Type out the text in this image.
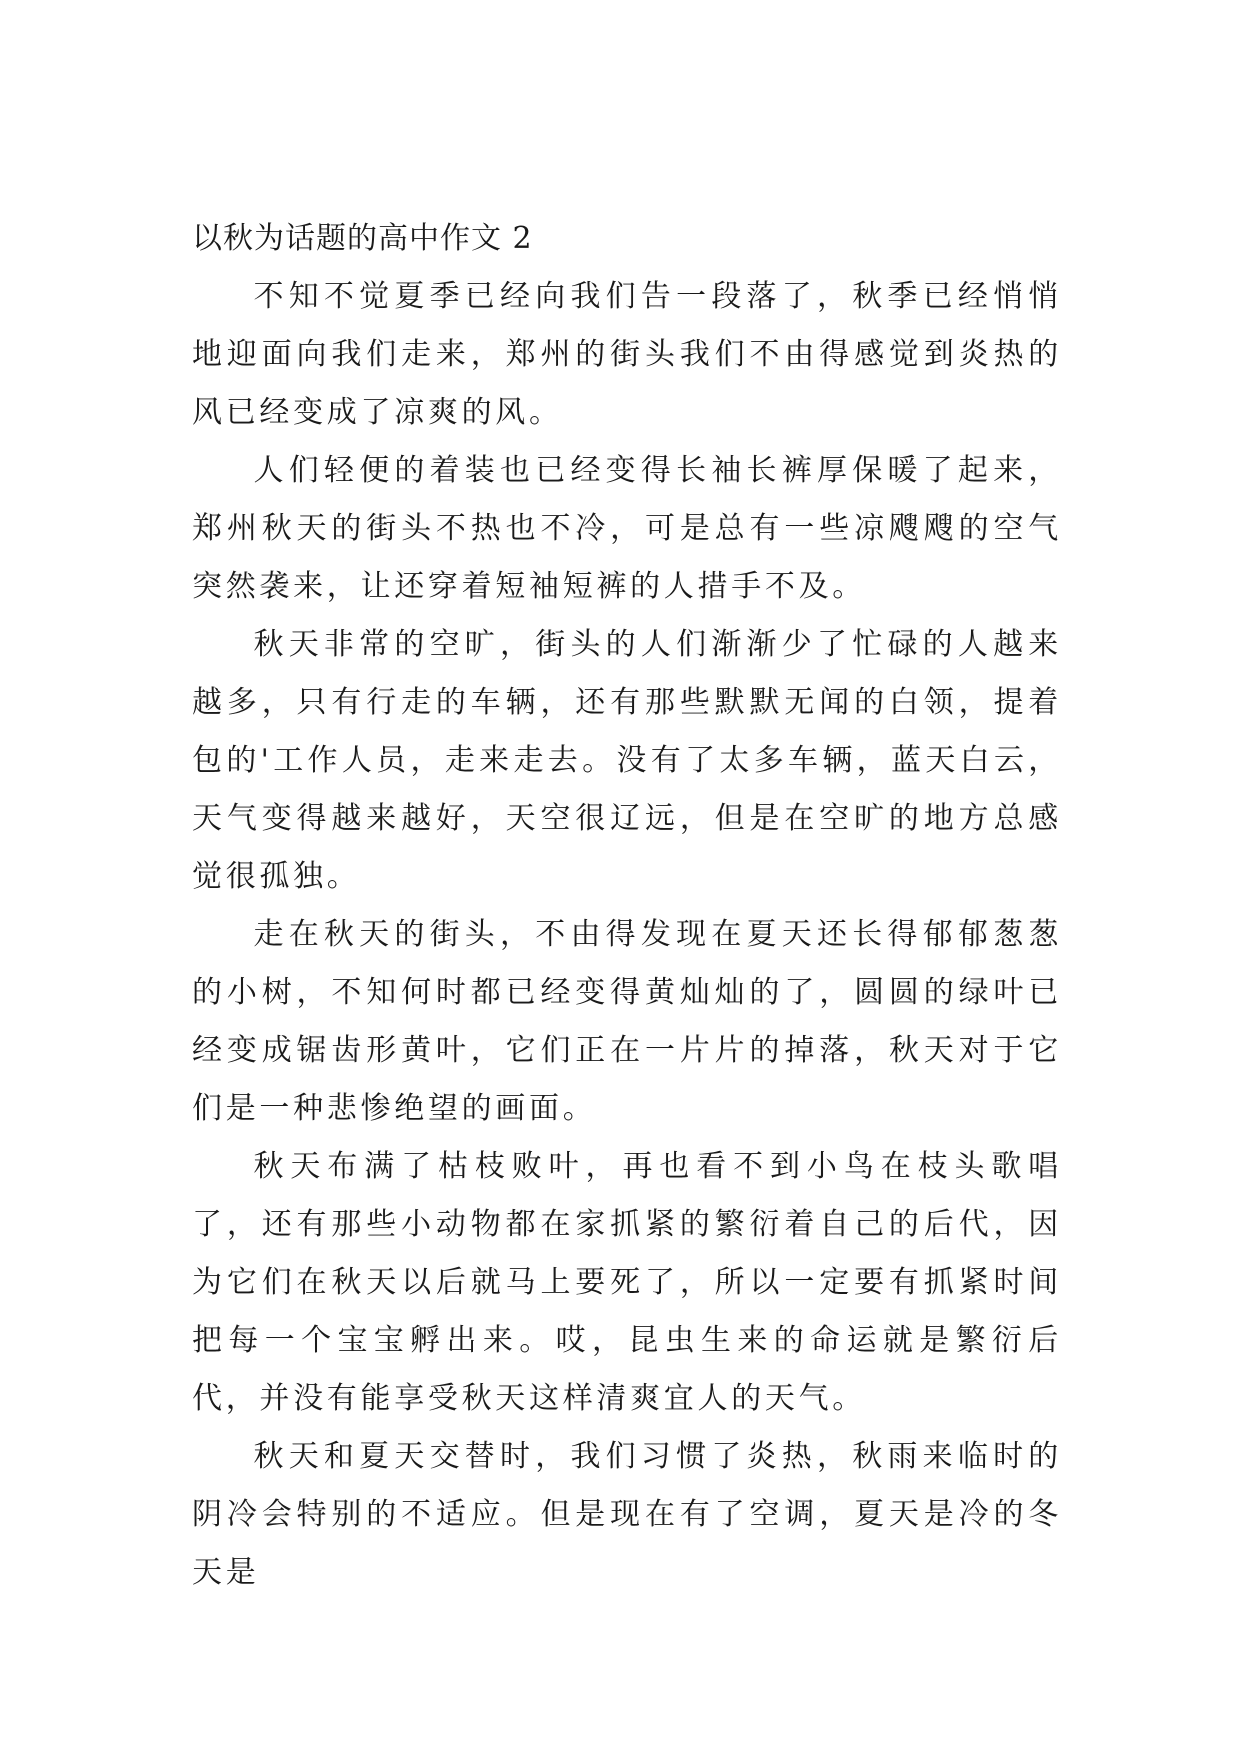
以秋为话题的高中作文 2

不知不觉夏季已经向我们告一段落了，秋季已经悄悄地迎面向我们走来，郑州的街头我们不由得感觉到炎热的风已经变成了凉爽的风。

人们轻便的着装也已经变得长袖长裤厚保暖了起来，郑州秋天的街头不热也不冷，可是总有一些凉飕飕的空气突然袭来，让还穿着短袖短裤的人措手不及。

秋天非常的空旷，街头的人们渐渐少了忙碌的人越来越多，只有行走的车辆，还有那些默默无闻的白领，提着包的'工作人员，走来走去。没有了太多车辆，蓝天白云，天气变得越来越好，天空很辽远，但是在空旷的地方总感觉很孤独。

走在秋天的街头，不由得发现在夏天还长得郁郁葱葱的小树，不知何时都已经变得黄灿灿的了，圆圆的绿叶已经变成锯齿形黄叶，它们正在一片片的掉落，秋天对于它们是一种悲惨绝望的画面。

秋天布满了枯枝败叶，再也看不到小鸟在枝头歌唱了，还有那些小动物都在家抓紧的繁衍着自己的后代，因为它们在秋天以后就马上要死了，所以一定要有抓紧时间把每一个宝宝孵出来。哎，昆虫生来的命运就是繁衍后代，并没有能享受秋天这样清爽宜人的天气。

秋天和夏天交替时，我们习惯了炎热，秋雨来临时的阴冷会特别的不适应。但是现在有了空调，夏天是冷的冬天是
